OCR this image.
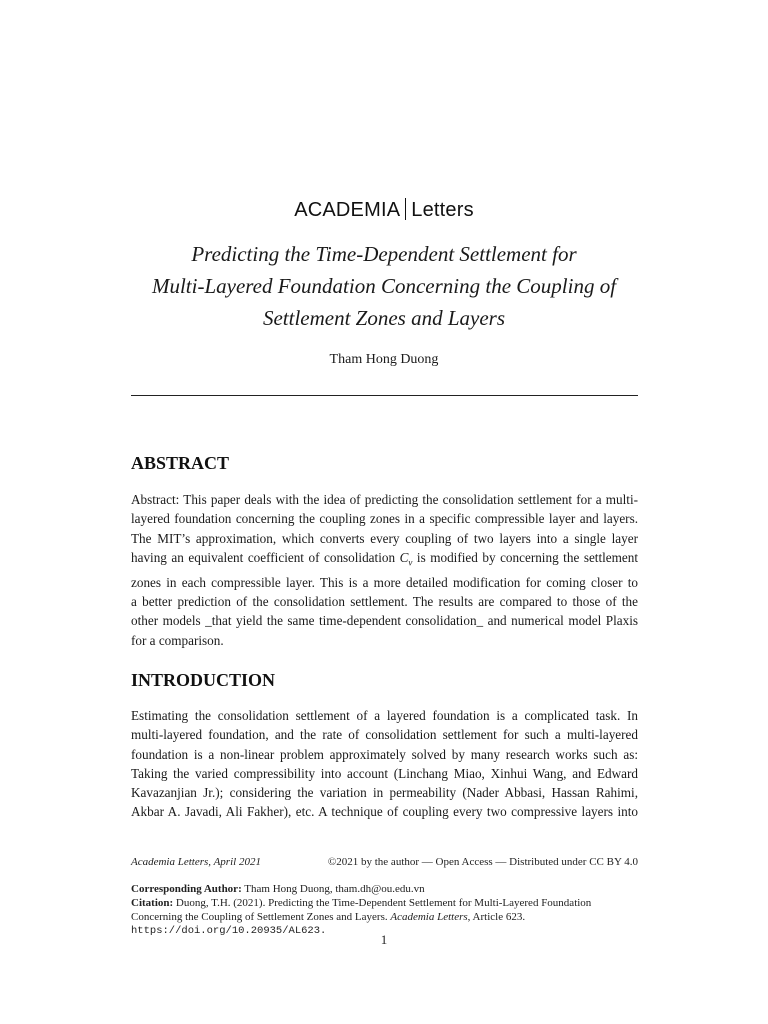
ACADEMIA Letters
Predicting the Time-Dependent Settlement for
Multi-Layered Foundation Concerning the Coupling of
Settlement Zones and Layers
Tham Hong Duong
ABSTRACT
Abstract: This paper deals with the idea of predicting the consolidation settlement for a multi-
layered foundation concerning the coupling zones in a specific compressible layer and layers.
The MIT’s approximation, which converts every coupling of two layers into a single layer
having an equivalent coefficient of consolidation $C_v$ is modified by concerning the settlement
zones in each compressible layer. This is a more detailed modification for coming closer to
a better prediction of the consolidation settlement. The results are compared to those of the
other models _that yield the same time-dependent consolidation_ and numerical model Plaxis
for a comparison.
INTRODUCTION
Estimating the consolidation settlement of a layered foundation is a complicated task. In
multi-layered foundation, and the rate of consolidation settlement for such a multi-layered
foundation is a non-linear problem approximately solved by many research works such as:
Taking the varied compressibility into account (Linchang Miao, Xinhui Wang, and Edward
Kavazanjian Jr.); considering the variation in permeability (Nader Abbasi, Hassan Rahimi,
Akbar A. Javadi, Ali Fakher), etc. A technique of coupling every two compressive layers into
Academia Letters, April 2021	©2021 by the author — Open Access — Distributed under CC BY 4.0
Corresponding Author: Tham Hong Duong, tham.dh@ou.edu.vn
Citation: Duong, T.H. (2021). Predicting the Time-Dependent Settlement for Multi-Layered Foundation
Concerning the Coupling of Settlement Zones and Layers. Academia Letters, Article 623.
https://doi.org/10.20935/AL623.
1
